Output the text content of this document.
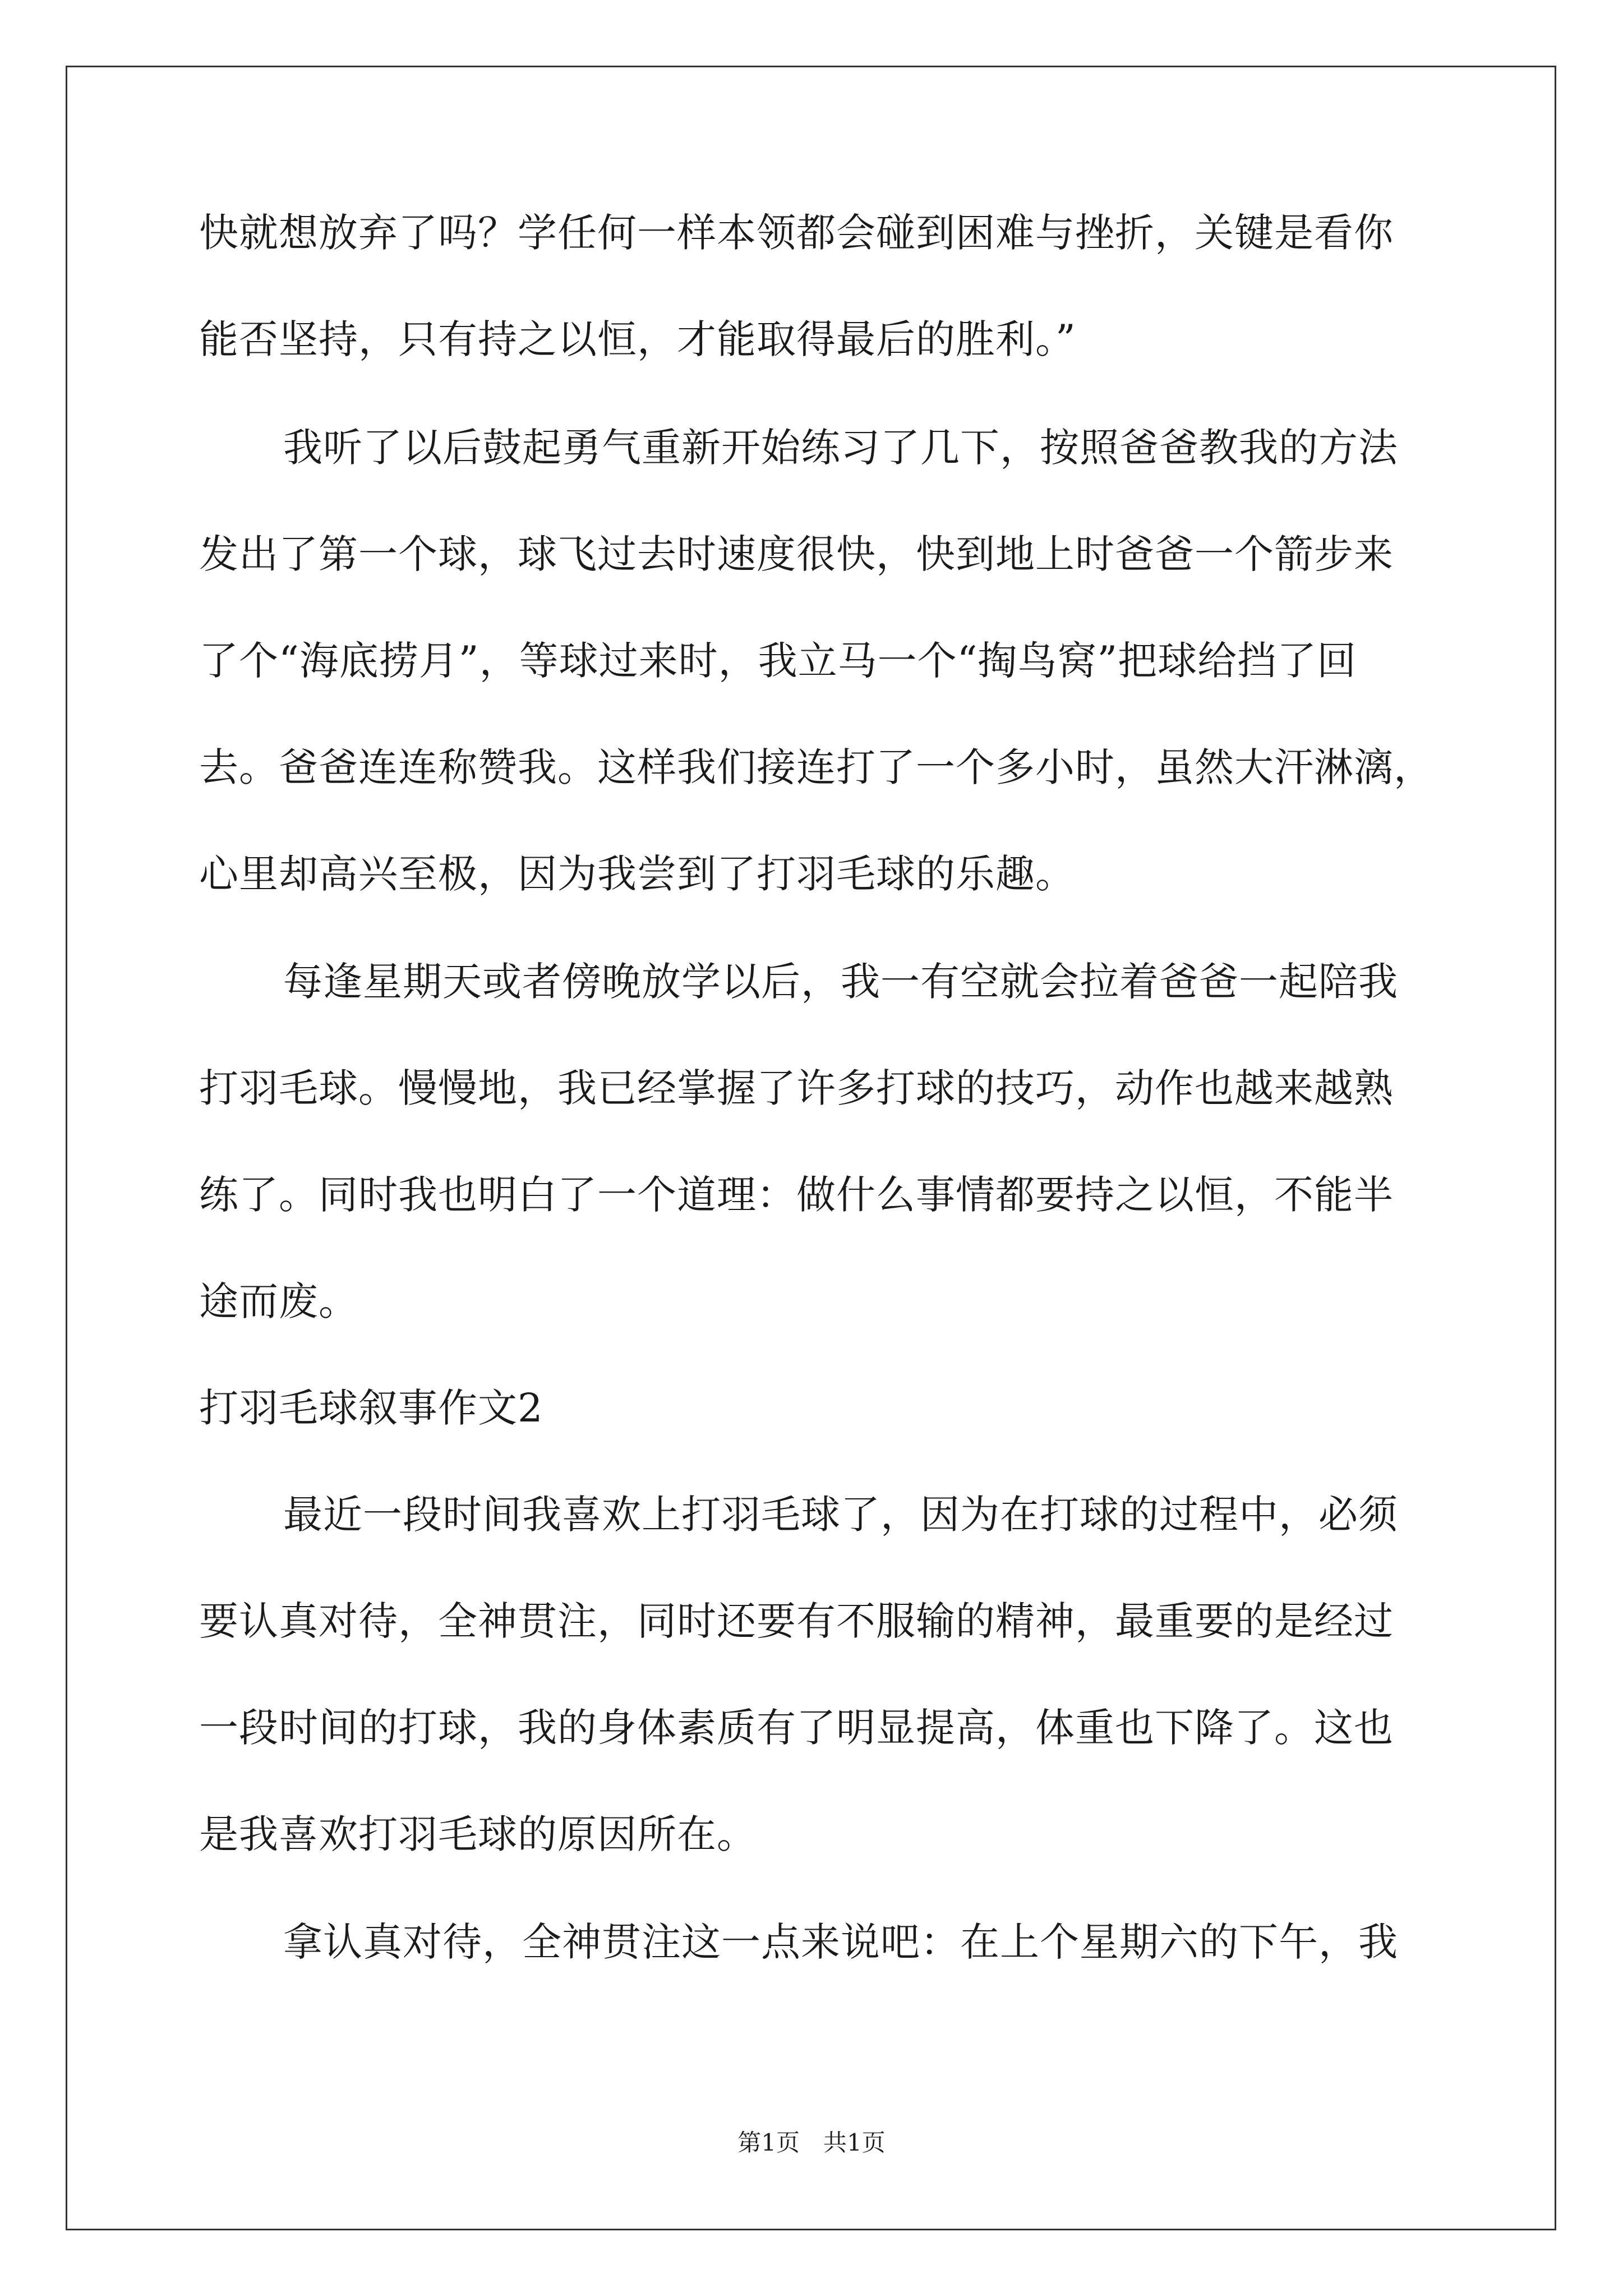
快就想放弃了吗？学任何一样本领都会碰到困难与挫折，关键是看你
能否坚持，只有持之以恒，才能取得最后的胜利。”
我听了以后鼓起勇气重新开始练习了几下，按照爸爸教我的方法
发出了第一个球，球飞过去时速度很快，快到地上时爸爸一个箭步来
了个“海底捞月”，等球过来时，我立马一个“掏鸟窝”把球给挡了回
去。爸爸连连称赞我。这样我们接连打了一个多小时，虽然大汗淋漓，
心里却高兴至极，因为我尝到了打羽毛球的乐趣。
每逢星期天或者傍晚放学以后，我一有空就会拉着爸爸一起陪我
打羽毛球。慢慢地，我已经掌握了许多打球的技巧，动作也越来越熟
练了。同时我也明白了一个道理：做什么事情都要持之以恒，不能半
途而废。
打羽毛球叙事作文2
最近一段时间我喜欢上打羽毛球了，因为在打球的过程中，必须
要认真对待，全神贯注，同时还要有不服输的精神，最重要的是经过
一段时间的打球，我的身体素质有了明显提高，体重也下降了。这也
是我喜欢打羽毛球的原因所在。
拿认真对待，全神贯注这一点来说吧：在上个星期六的下午，我
第1页　共1页
